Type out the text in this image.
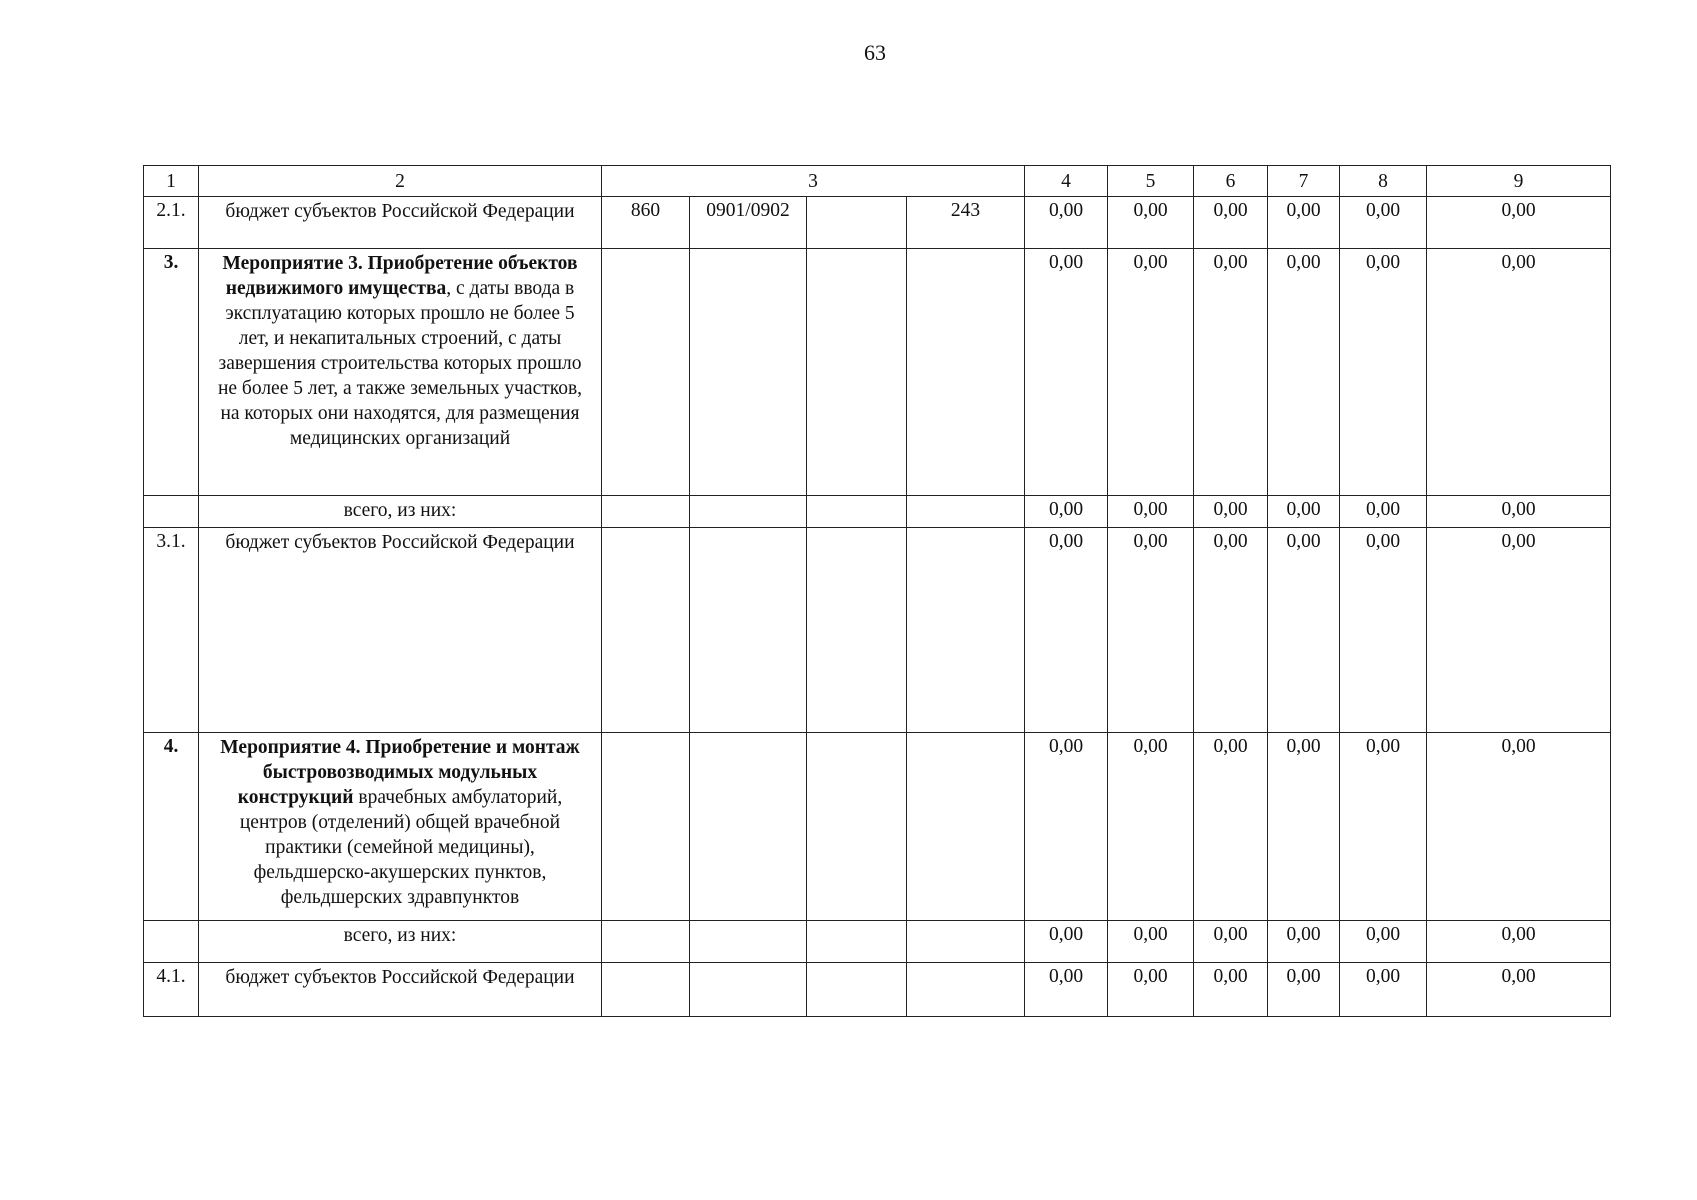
63
1	2	3				4	5	6	7	8	9
2.1.	бюджет субъектов Российской Федерации	860	0901/0902		243	0,00	0,00	0,00	0,00	0,00	0,00
3.	Мероприятие 3. Приобретение объектов недвижимого имущества, с даты ввода в эксплуатацию которых прошло не более 5 лет, и некапитальных строений, с даты завершения строительства которых прошло не более 5 лет, а также земельных участков, на которых они находятся, для размещения медицинских организаций					0,00	0,00	0,00	0,00	0,00	0,00
	всего, из них:					0,00	0,00	0,00	0,00	0,00	0,00
3.1.	бюджет субъектов Российской Федерации					0,00	0,00	0,00	0,00	0,00	0,00
4.	Мероприятие 4. Приобретение и монтаж быстровозводимых модульных конструкций врачебных амбулаторий, центров (отделений) общей врачебной практики (семейной медицины), фельдшерско-акушерских пунктов, фельдшерских здравпунктов					0,00	0,00	0,00	0,00	0,00	0,00
	всего, из них:					0,00	0,00	0,00	0,00	0,00	0,00
4.1.	бюджет субъектов Российской Федерации					0,00	0,00	0,00	0,00	0,00	0,00
